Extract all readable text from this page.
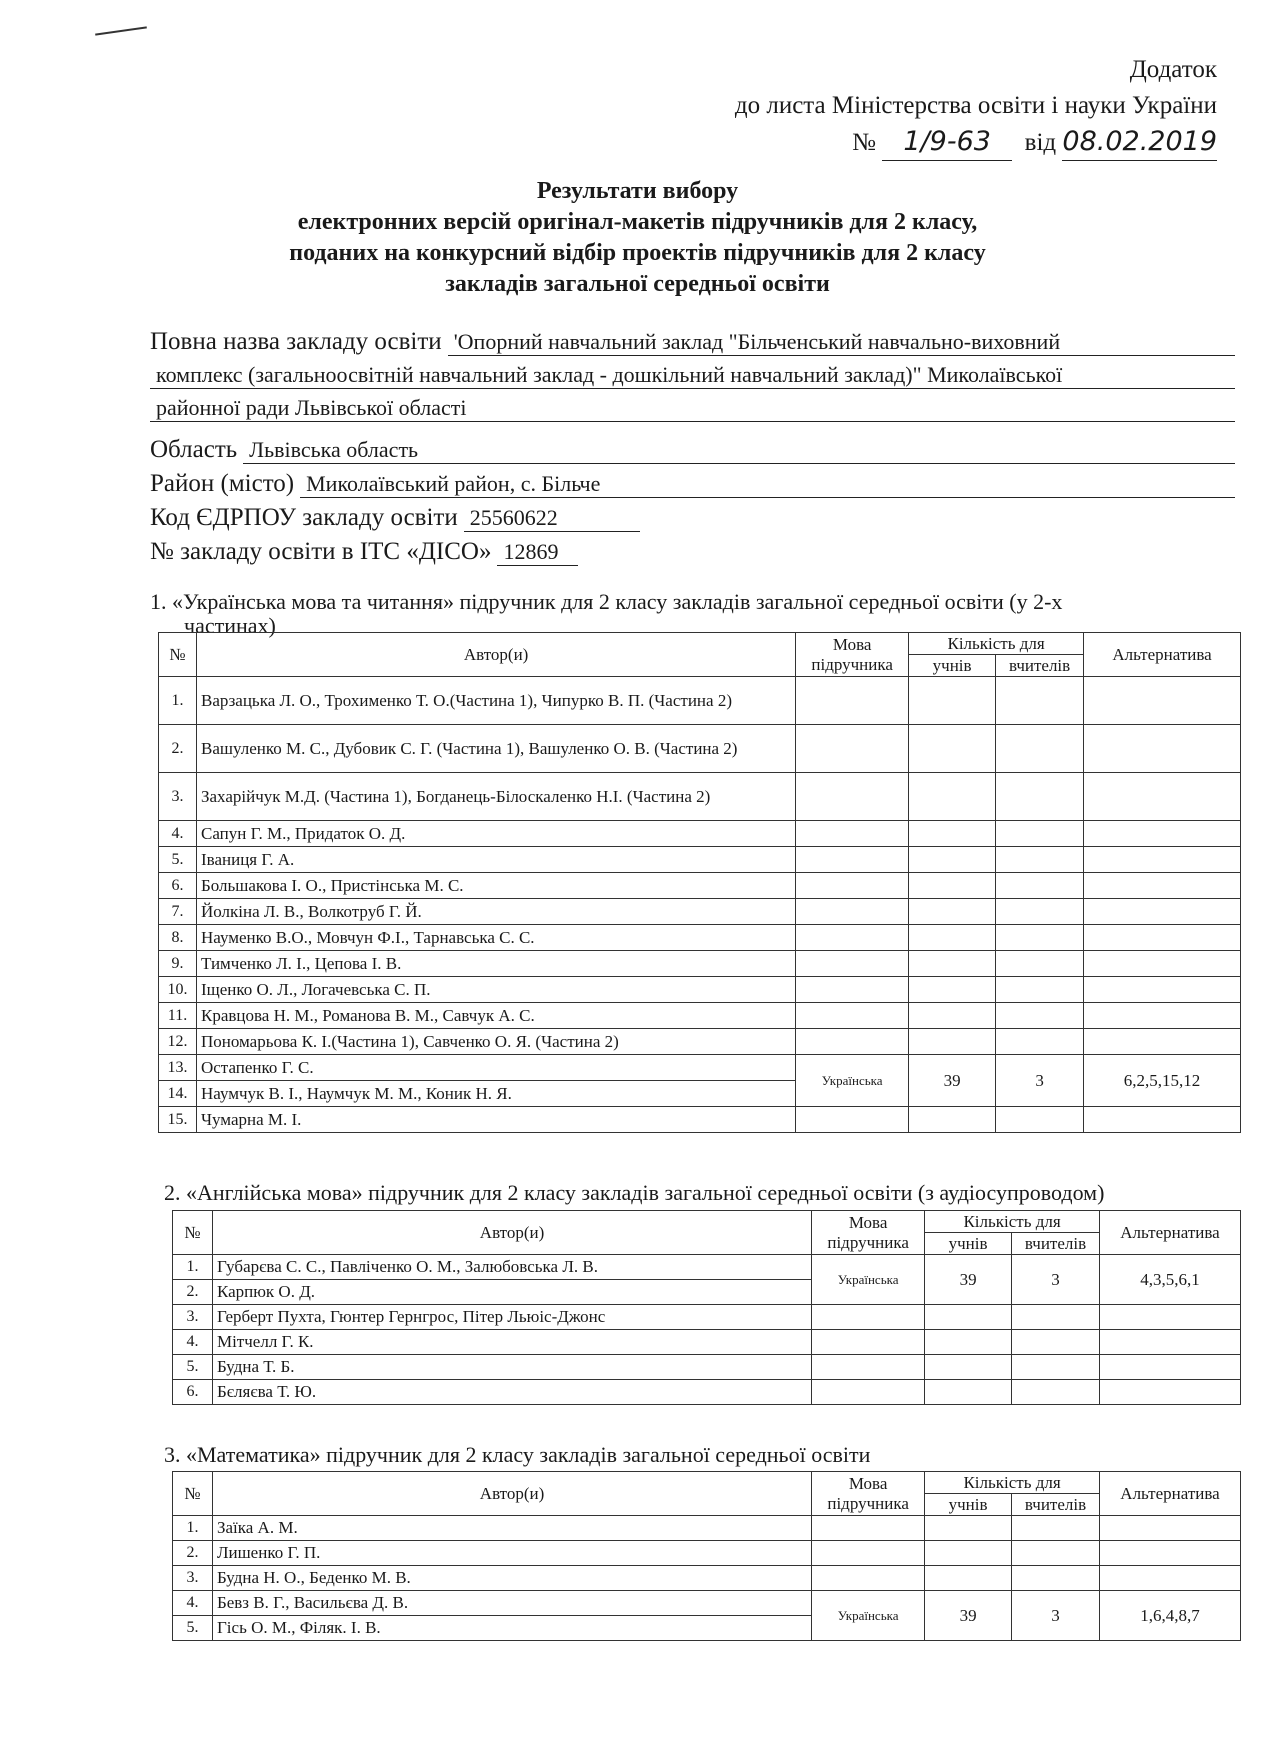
Додаток
до листа Міністерства освіти і науки України
№ 1/9-63 від 08.02.2019
Результати вибору
електронних версій оригінал-макетів підручників для 2 класу,
поданих на конкурсний відбір проектів підручників для 2 класу
закладів загальної середньої освіти
Повна назва закладу освіти 'Опорний навчальний заклад "Більченський навчально-виховний
комплекс (загальноосвітній навчальний заклад - дошкільний навчальний заклад)" Миколаївської
районної ради Львівської області
Область Львівська область
Район (місто) Миколаївський район, с. Більче
Код ЄДРПОУ закладу освіти 25560622
№ закладу освіти в ІТС «ДІСО» 12869
1. «Українська мова та читання» підручник для 2 класу закладів загальної середньої освіти (у 2-х
частинах)
№	Автор(и)	Мова підручника	Кількість для		Альтернатива
			учнів	вчителів	
1.	Варзацька Л. О., Трохименко Т. О.(Частина 1), Чипурко В. П. (Частина 2)				
2.	Вашуленко М. С., Дубовик С. Г. (Частина 1), Вашуленко О. В. (Частина 2)				
3.	Захарійчук М.Д. (Частина 1), Богданець-Білоскаленко Н.І. (Частина 2)				
4.	Сапун Г. М., Придаток О. Д.				
5.	Іваниця Г. А.				
6.	Большакова І. О., Пристінська М. С.				
7.	Йолкіна Л. В., Волкотруб Г. Й.				
8.	Науменко В.О., Мовчун Ф.І., Тарнавська С. С.				
9.	Тимченко Л. І., Цепова І. В.				
10.	Іщенко О. Л., Логачевська С. П.				
11.	Кравцова Н. М., Романова В. М., Савчук А. С.				
12.	Пономарьова К. І.(Частина 1), Савченко О. Я. (Частина 2)				
13.	Остапенко Г. С.	Українська	39	3	6,2,5,15,12
14.	Наумчук В. І., Наумчук М. М., Коник Н. Я.				
15.	Чумарна М. І.				
2. «Англійська мова» підручник для 2 класу закладів загальної середньої освіти (з аудіосупроводом)
№	Автор(и)	Мова підручника	Кількість для		Альтернатива
			учнів	вчителів	
1.	Губарєва С. С., Павліченко О. М., Залюбовська Л. В.	Українська	39	3	4,3,5,6,1
2.	Карпюк О. Д.				
3.	Герберт Пухта, Гюнтер Гернгрос, Пітер Льюіс-Джонс				
4.	Мітчелл Г. К.				
5.	Будна Т. Б.				
6.	Бєляєва Т. Ю.				
3. «Математика» підручник для 2 класу закладів загальної середньої освіти
№	Автор(и)	Мова підручника	Кількість для		Альтернатива
			учнів	вчителів	
1.	Заїка А. М.				
2.	Лишенко Г. П.				
3.	Будна Н. О., Беденко М. В.				
4.	Бевз В. Г., Васильєва Д. В.	Українська	39	3	1,6,4,8,7
5.	Гісь О. М., Філяк. І. В.				
